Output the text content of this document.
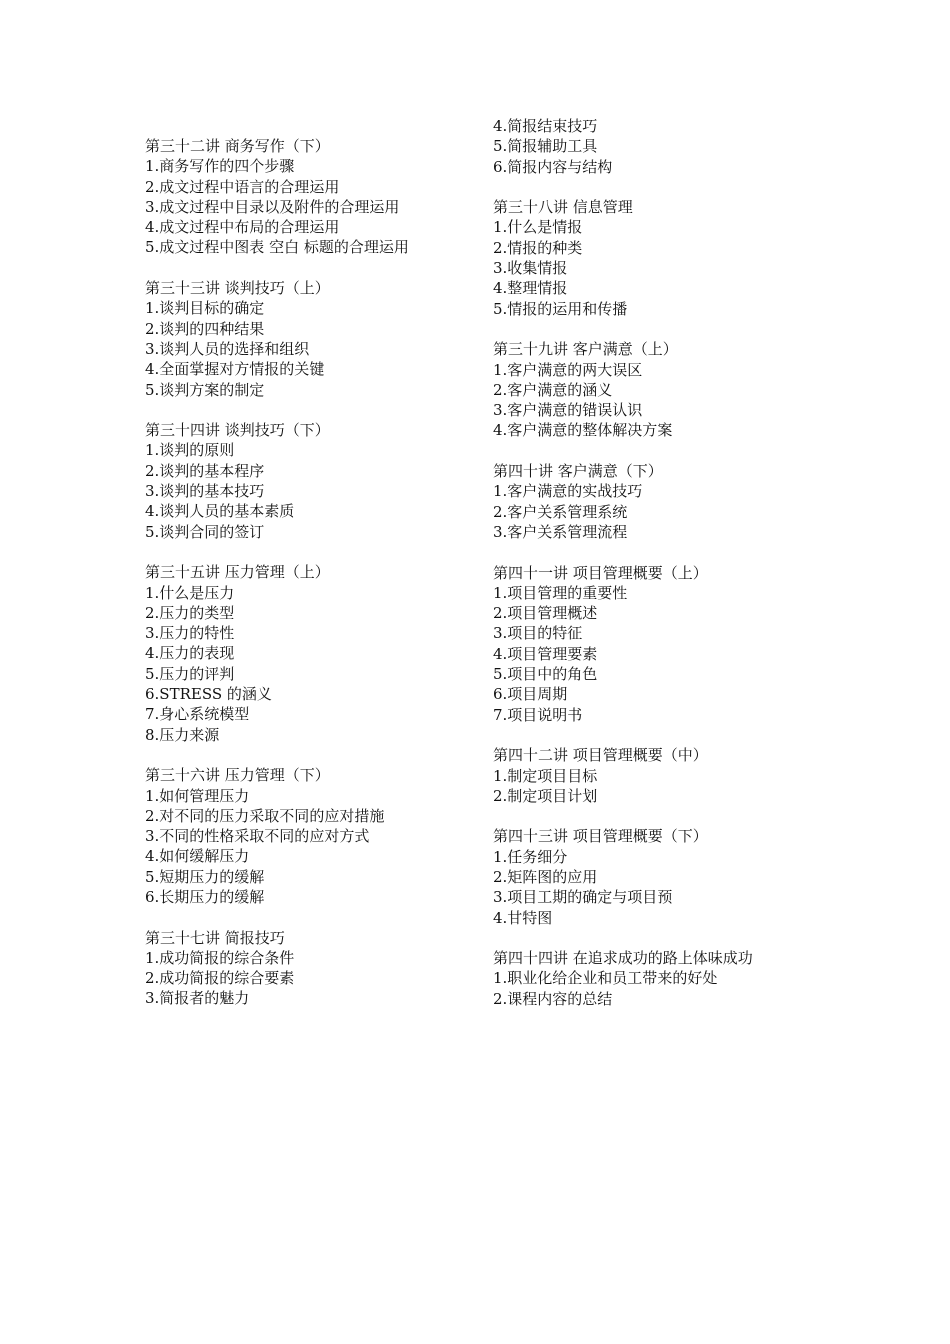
第三十二讲 商务写作（下）
1.商务写作的四个步骤
2.成文过程中语言的合理运用
3.成文过程中目录以及附件的合理运用
4.成文过程中布局的合理运用
5.成文过程中图表 空白 标题的合理运用
第三十三讲 谈判技巧（上）
1.谈判目标的确定
2.谈判的四种结果
3.谈判人员的选择和组织
4.全面掌握对方情报的关键
5.谈判方案的制定
第三十四讲 谈判技巧（下）
1.谈判的原则
2.谈判的基本程序
3.谈判的基本技巧
4.谈判人员的基本素质
5.谈判合同的签订
第三十五讲 压力管理（上）
1.什么是压力
2.压力的类型
3.压力的特性
4.压力的表现
5.压力的评判
6.STRESS 的涵义
7.身心系统模型
8.压力来源
第三十六讲 压力管理（下）
1.如何管理压力
2.对不同的压力采取不同的应对措施
3.不同的性格采取不同的应对方式
4.如何缓解压力
5.短期压力的缓解
6.长期压力的缓解
第三十七讲 简报技巧
1.成功简报的综合条件
2.成功简报的综合要素
3.简报者的魅力
4.简报结束技巧
5.简报辅助工具
6.简报内容与结构
第三十八讲 信息管理
1.什么是情报
2.情报的种类
3.收集情报
4.整理情报
5.情报的运用和传播
第三十九讲 客户满意（上）
1.客户满意的两大误区
2.客户满意的涵义
3.客户满意的错误认识
4.客户满意的整体解决方案
第四十讲 客户满意（下）
1.客户满意的实战技巧
2.客户关系管理系统
3.客户关系管理流程
第四十一讲 项目管理概要（上）
1.项目管理的重要性
2.项目管理概述
3.项目的特征
4.项目管理要素
5.项目中的角色
6.项目周期
7.项目说明书
第四十二讲 项目管理概要（中）
1.制定项目目标
2.制定项目计划
第四十三讲 项目管理概要（下）
1.任务细分
2.矩阵图的应用
3.项目工期的确定与项目预
4.甘特图
第四十四讲 在追求成功的路上体味成功
1.职业化给企业和员工带来的好处
2.课程内容的总结
